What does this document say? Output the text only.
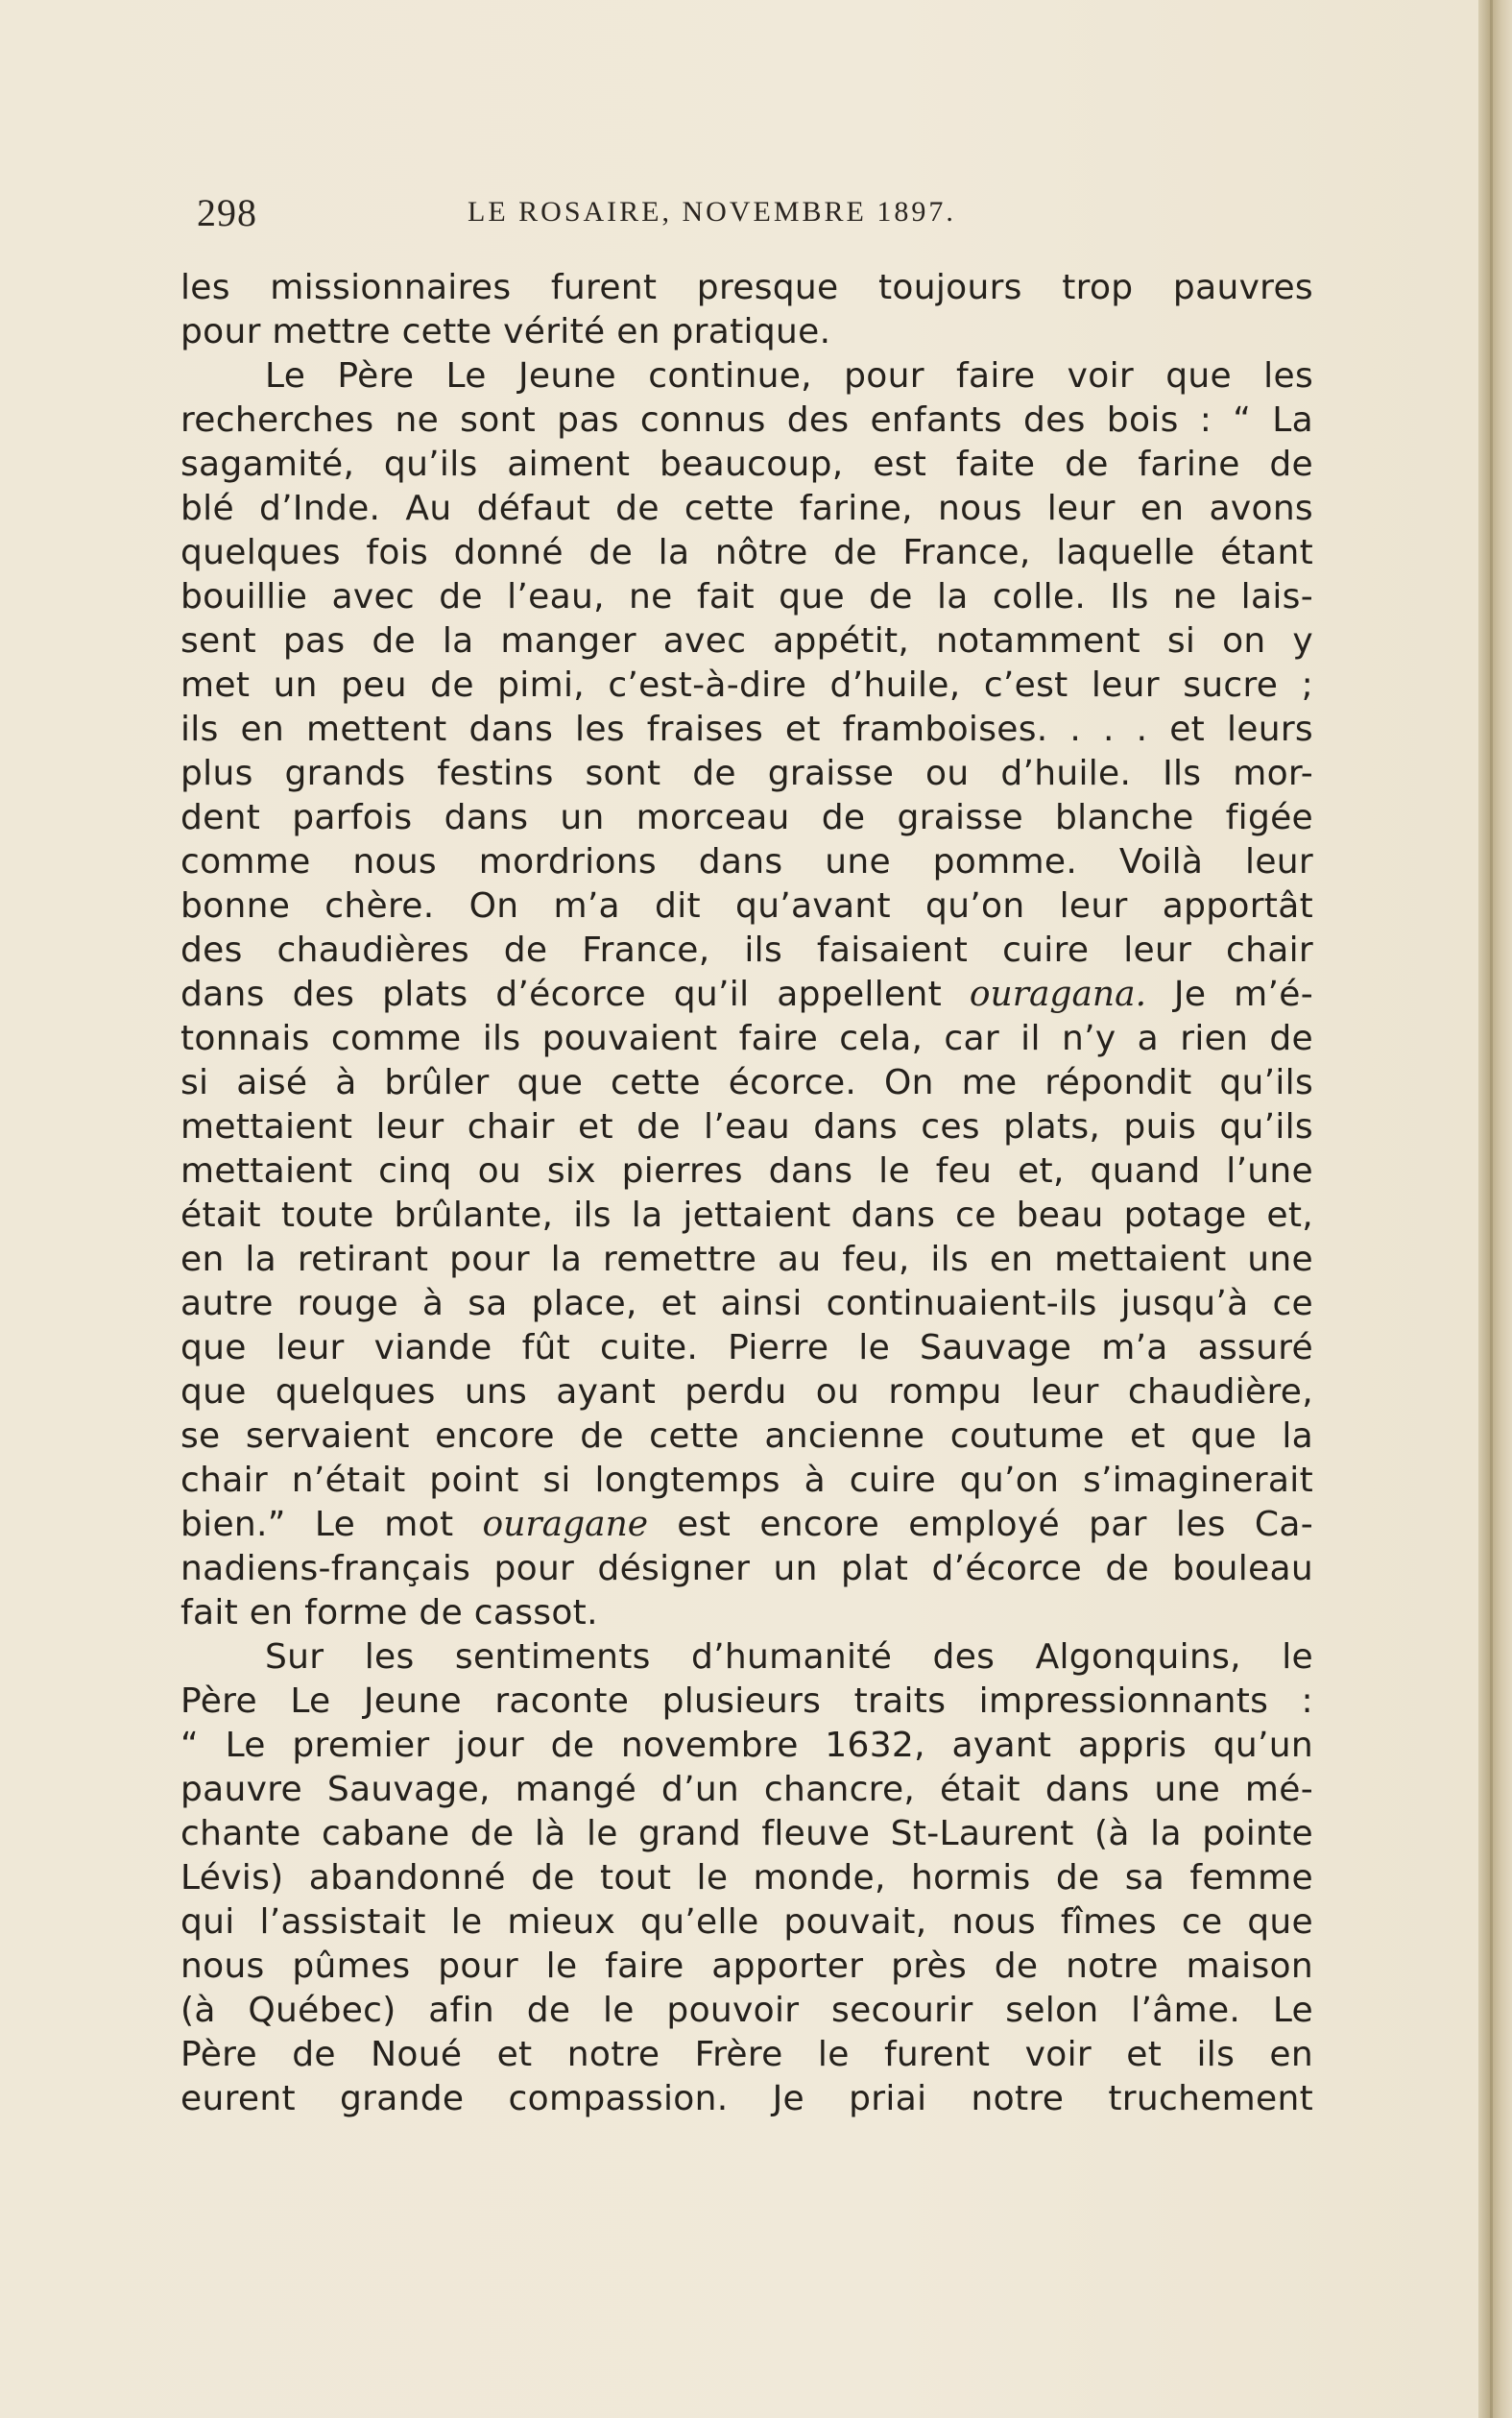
298	LE ROSAIRE, NOVEMBRE 1897.
les missionnaires furent presque toujours trop pauvres
pour mettre cette vérité en pratique.
Le Père Le Jeune continue, pour faire voir que les
recherches ne sont pas connus des enfants des bois : “ La
sagamité, qu’ils aiment beaucoup, est faite de farine de
blé d’Inde. Au défaut de cette farine, nous leur en avons
quelques fois donné de la nôtre de France, laquelle étant
bouillie avec de l’eau, ne fait que de la colle. Ils ne lais-
sent pas de la manger avec appétit, notamment si on y
met un peu de pimi, c’est-à-dire d’huile, c’est leur sucre ;
ils en mettent dans les fraises et framboises. . . . et leurs
plus grands festins sont de graisse ou d’huile. Ils mor-
dent parfois dans un morceau de graisse blanche figée
comme nous mordrions dans une pomme. Voilà leur
bonne chère. On m’a dit qu’avant qu’on leur apportât
des chaudières de France, ils faisaient cuire leur chair
dans des plats d’écorce qu’il appellent ouragana. Je m’é-
tonnais comme ils pouvaient faire cela, car il n’y a rien de
si aisé à brûler que cette écorce. On me répondit qu’ils
mettaient leur chair et de l’eau dans ces plats, puis qu’ils
mettaient cinq ou six pierres dans le feu et, quand l’une
était toute brûlante, ils la jettaient dans ce beau potage et,
en la retirant pour la remettre au feu, ils en mettaient une
autre rouge à sa place, et ainsi continuaient-ils jusqu’à ce
que leur viande fût cuite. Pierre le Sauvage m’a assuré
que quelques uns ayant perdu ou rompu leur chaudière,
se servaient encore de cette ancienne coutume et que la
chair n’était point si longtemps à cuire qu’on s’imaginerait
bien.” Le mot ouragane est encore employé par les Ca-
nadiens-français pour désigner un plat d’écorce de bouleau
fait en forme de cassot.
Sur les sentiments d’humanité des Algonquins, le
Père Le Jeune raconte plusieurs traits impressionnants :
“ Le premier jour de novembre 1632, ayant appris qu’un
pauvre Sauvage, mangé d’un chancre, était dans une mé-
chante cabane de là le grand fleuve St-Laurent (à la pointe
Lévis) abandonné de tout le monde, hormis de sa femme
qui l’assistait le mieux qu’elle pouvait, nous fîmes ce que
nous pûmes pour le faire apporter près de notre maison
(à Québec) afin de le pouvoir secourir selon l’âme. Le
Père de Noué et notre Frère le furent voir et ils en
eurent grande compassion. Je priai notre truchement
